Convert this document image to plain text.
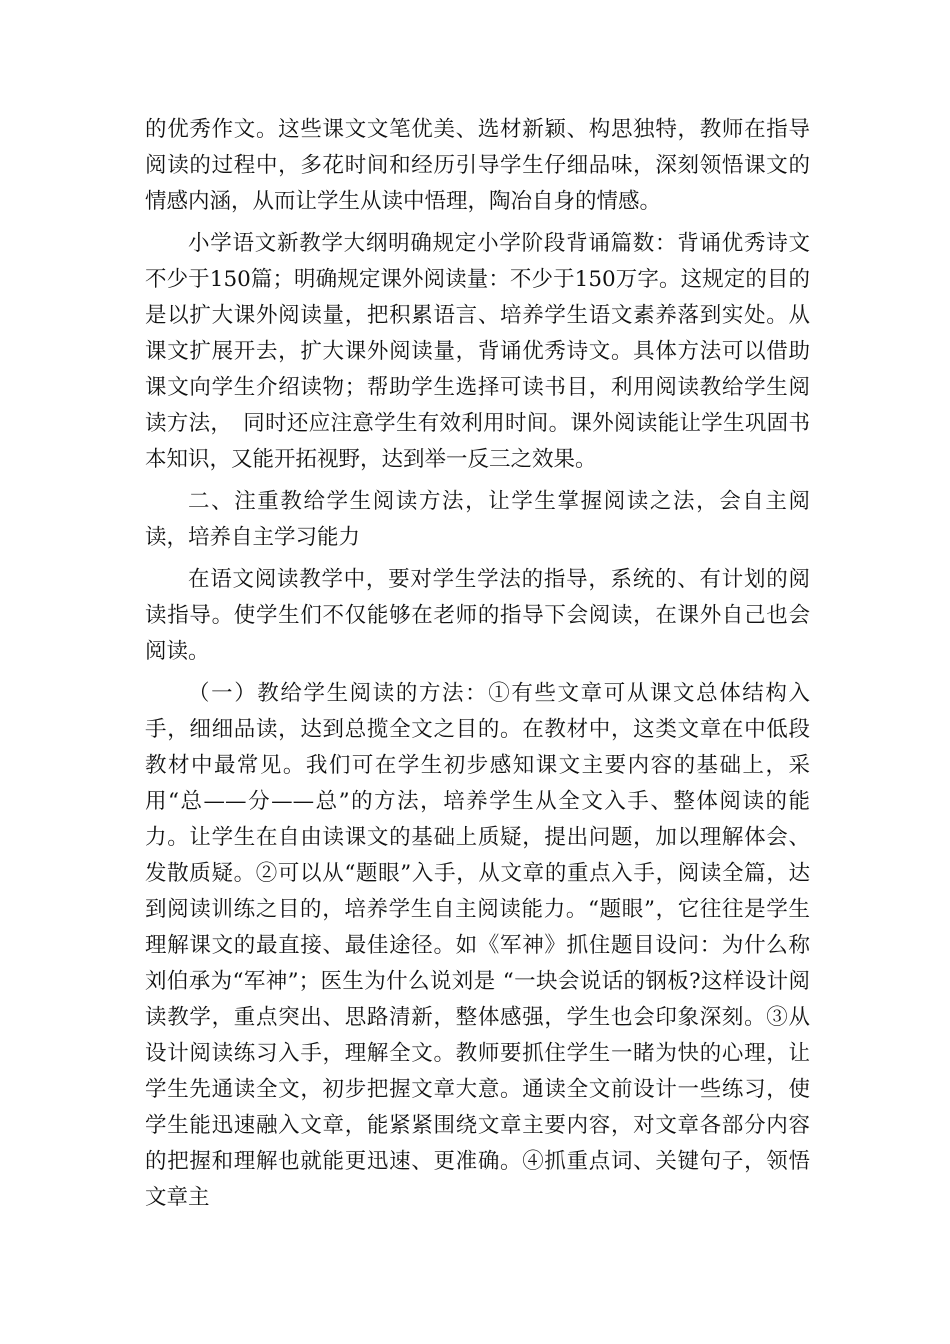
的优秀作文。这些课文文笔优美、选材新颖、构思独特，教师在指导阅读的过程中，多花时间和经历引导学生仔细品味，深刻领悟课文的情感内涵，从而让学生从读中悟理，陶冶自身的情感。

小学语文新教学大纲明确规定小学阶段背诵篇数：背诵优秀诗文不少于150篇；明确规定课外阅读量：不少于150万字。这规定的目的是以扩大课外阅读量，把积累语言、培养学生语文素养落到实处。从课文扩展开去，扩大课外阅读量，背诵优秀诗文。具体方法可以借助课文向学生介绍读物；帮助学生选择可读书目，利用阅读教给学生阅读方法，　同时还应注意学生有效利用时间。课外阅读能让学生巩固书本知识，又能开拓视野，达到举一反三之效果。

二、注重教给学生阅读方法，让学生掌握阅读之法，会自主阅读，培养自主学习能力

在语文阅读教学中，要对学生学法的指导，系统的、有计划的阅读指导。使学生们不仅能够在老师的指导下会阅读，在课外自己也会阅读。

（一）教给学生阅读的方法：①有些文章可从课文总体结构入手，细细品读，达到总揽全文之目的。在教材中，这类文章在中低段教材中最常见。我们可在学生初步感知课文主要内容的基础上，采用“总——分——总”的方法，培养学生从全文入手、整体阅读的能力。让学生在自由读课文的基础上质疑，提出问题，加以理解体会、发散质疑。②可以从“题眼”入手，从文章的重点入手，阅读全篇，达到阅读训练之目的，培养学生自主阅读能力。“题眼”，它往往是学生理解课文的最直接、最佳途径。如《军神》抓住题目设问：为什么称刘伯承为“军神”；医生为什么说刘是 “一块会说话的钢板?这样设计阅读教学，重点突出、思路清新，整体感强，学生也会印象深刻。③从设计阅读练习入手，理解全文。教师要抓住学生一睹为快的心理，让学生先通读全文，初步把握文章大意。通读全文前设计一些练习，使学生能迅速融入文章，能紧紧围绕文章主要内容，对文章各部分内容的把握和理解也就能更迅速、更准确。④抓重点词、关键句子，领悟文章主
